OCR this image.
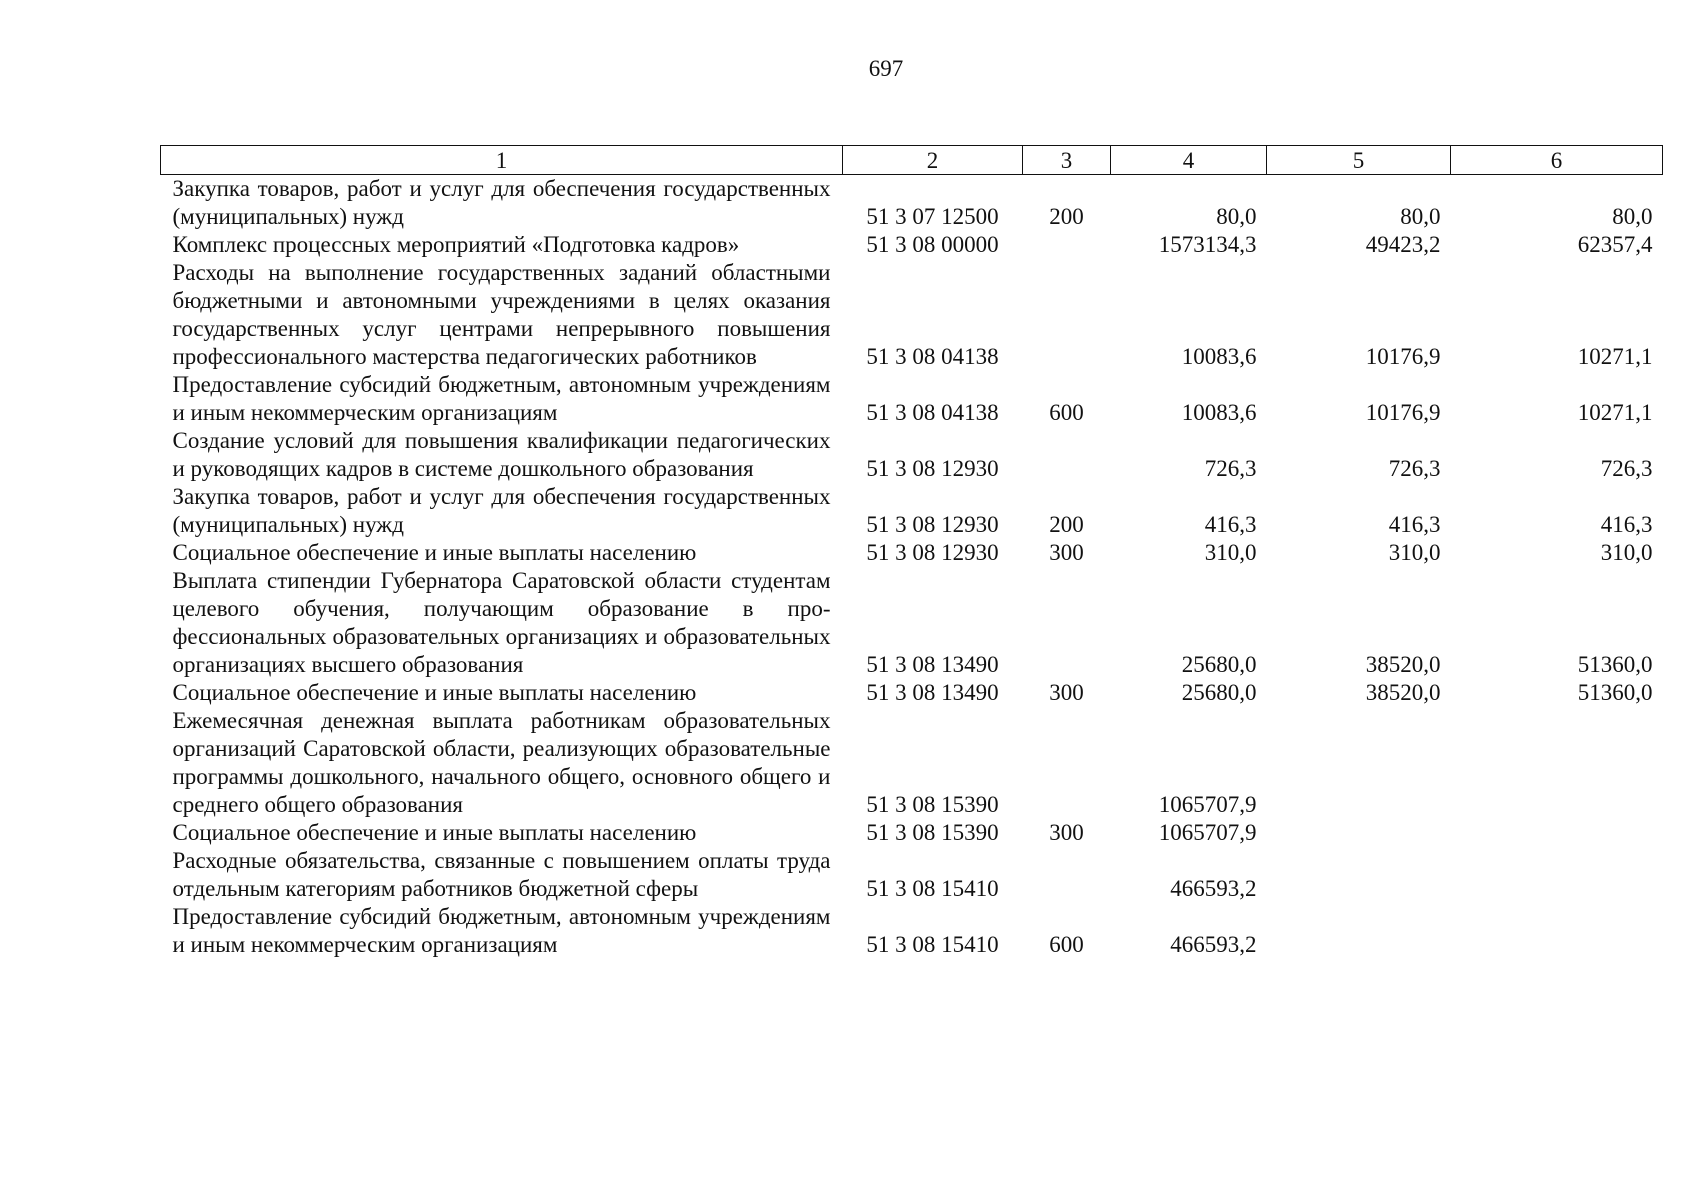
697
1	2	3	4	5	6
Закупка товаров, работ и услуг для обеспечения государственных (муниципальных) нужд	51 3 07 12500	200	80,0	80,0	80,0
Комплекс процессных мероприятий «Подготовка кадров»	51 3 08 00000		1573134,3	49423,2	62357,4
Расходы на выполнение государственных заданий областными бюджетными и автономными учреждениями в целях оказания государственных услуг центрами непрерывного повышения профессионального мастерства педагогических работников	51 3 08 04138		10083,6	10176,9	10271,1
Предоставление субсидий бюджетным, автономным учреждениям и иным некоммерческим организациям	51 3 08 04138	600	10083,6	10176,9	10271,1
Создание условий для повышения квалификации педагогических и руководящих кадров в системе дошкольного образования	51 3 08 12930		726,3	726,3	726,3
Закупка товаров, работ и услуг для обеспечения государственных (муниципальных) нужд	51 3 08 12930	200	416,3	416,3	416,3
Социальное обеспечение и иные выплаты населению	51 3 08 12930	300	310,0	310,0	310,0
Выплата стипендии Губернатора Саратовской области студентам целевого обучения, получающим образование в профессиональных образовательных организациях и образовательных организациях высшего образования	51 3 08 13490		25680,0	38520,0	51360,0
Социальное обеспечение и иные выплаты населению	51 3 08 13490	300	25680,0	38520,0	51360,0
Ежемесячная денежная выплата работникам образовательных организаций Саратовской области, реализующих образовательные программы дошкольного, начального общего, основного общего и среднего общего образования	51 3 08 15390		1065707,9		
Социальное обеспечение и иные выплаты населению	51 3 08 15390	300	1065707,9		
Расходные обязательства, связанные с повышением оплаты труда отдельным категориям работников бюджетной сферы	51 3 08 15410		466593,2		
Предоставление субсидий бюджетным, автономным учреждениям и иным некоммерческим организациям	51 3 08 15410	600	466593,2		
